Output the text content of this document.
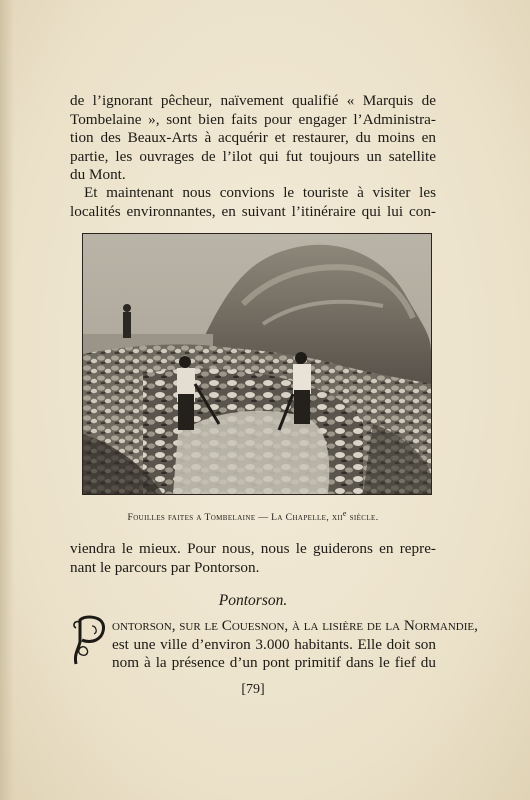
de l’ignorant pêcheur, naïvement qualifié « Marquis de
Tombelaine », sont bien faits pour engager l’Administra-
tion des Beaux-Arts à acquérir et restaurer, du moins en
partie, les ouvrages de l’ilot qui fut toujours un satellite
du Mont.

Et maintenant nous convions le touriste à visiter les
localités environnantes, en suivant l’itinéraire qui lui con-

Fouilles faites a Tombelaine — La Chapelle, xii$^e$ siècle.

viendra le mieux. Pour nous, nous le guiderons en repre-
nant le parcours par Pontorson.

Pontorson.

ontorson, sur le Couesnon, à la lisière de la Normandie,
est une ville d’environ 3.000 habitants. Elle doit son
nom à la présence d’un pont primitif dans le fief du

[79]
